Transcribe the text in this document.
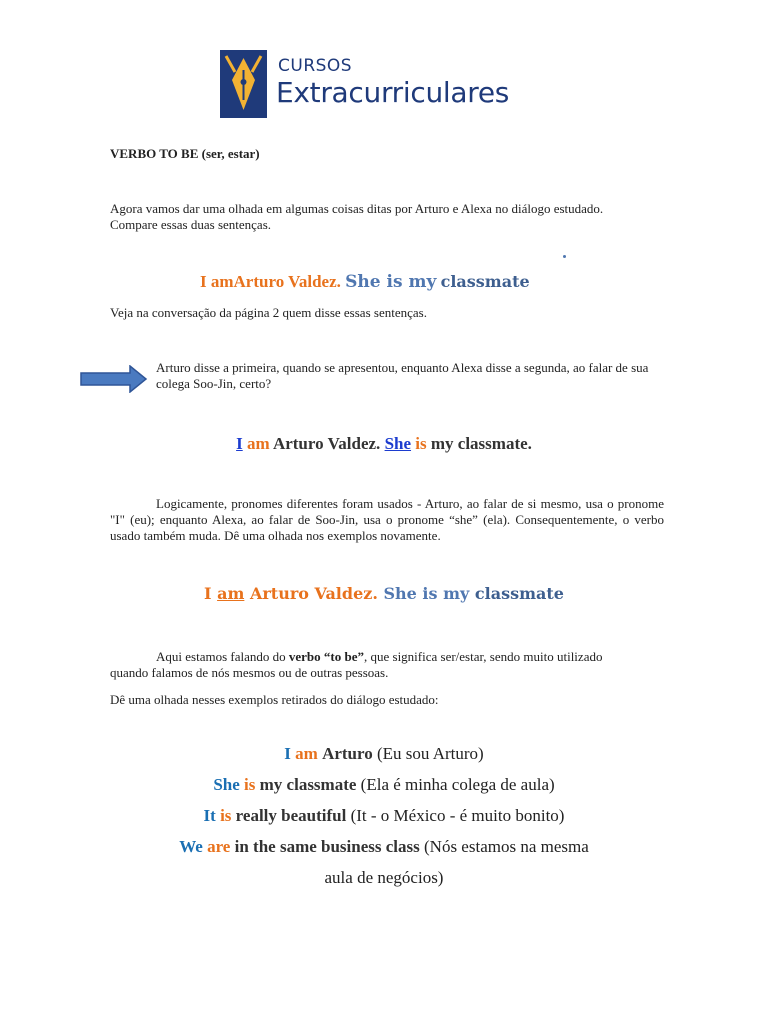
CURSOS
Extracurriculares
VERBO TO BE (ser, estar)
Agora vamos dar uma olhada em algumas coisas ditas por Arturo e Alexa no diálogo estudado. Compare essas duas sentenças.
I amArturo Valdez. She is my classmate
Veja na conversação da página 2 quem disse essas sentenças.
Arturo disse a primeira, quando se apresentou, enquanto Alexa disse a segunda, ao falar de sua colega Soo-Jin, certo?
I am Arturo Valdez. She is my classmate.
Logicamente, pronomes diferentes foram usados - Arturo, ao falar de si mesmo, usa o pronome "I" (eu); enquanto Alexa, ao falar de Soo-Jin, usa o pronome “she” (ela). Consequentemente, o verbo usado também muda. Dê uma olhada nos exemplos novamente.
I am Arturo Valdez. She is my classmate
Aqui estamos falando do verbo “to be”, que significa ser/estar, sendo muito utilizado quando falamos de nós mesmos ou de outras pessoas.
Dê uma olhada nesses exemplos retirados do diálogo estudado:
I am Arturo (Eu sou Arturo)
She is my classmate (Ela é minha colega de aula)
It is really beautiful (It - o México - é muito bonito)
We are in the same business class (Nós estamos na mesma
aula de negócios)
